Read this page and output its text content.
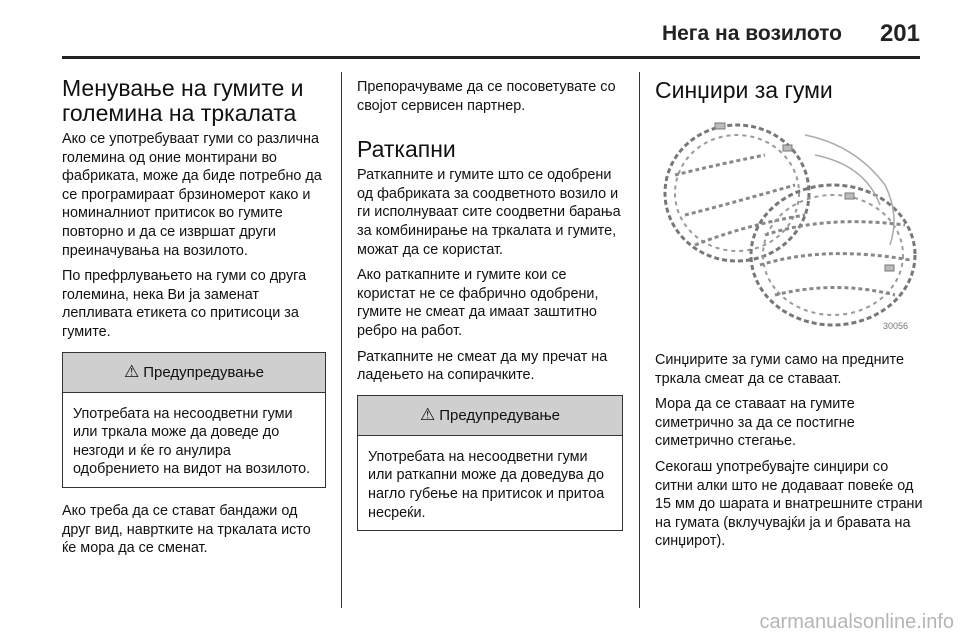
Нега на возилото 201
Менување на гумите и големина на тркалата

Ако се употребуваат гуми со различна големина од оние монтирани во фабриката, може да биде потребно да се програмираат брзиномерот како и номиналниот притисок во гумите повторно и да се извршат други преиначувања на возилото.

По префрлувањето на гуми со друга големина, нека Ви ја заменат лепливата етикета со притисоци за гумите.

⚠ Предупредување
Употребата на несоодветни гуми или тркала може да доведе до незгоди и ќе го анулира одобрението на видот на возилото.

Ако треба да се стават бандажи од друг вид, навртките на тркалата исто ќе мора да се сменат.

Препорачуваме да се посоветувате со својот сервисен партнер.

Раткапни

Раткапните и гумите што се одобрени од фабриката за соодветното возило и ги исполнуваат сите соодветни барања за комбинирање на тркалата и гумите, можат да се користат.

Ако раткапните и гумите кои се користат не се фабрично одобрени, гумите не смеат да имаат заштитно ребро на работ.

Раткапните не смеат да му пречат на ладењето на сопирачките.

⚠ Предупредување
Употребата на несоодветни гуми или раткапни може да доведува до нагло губење на притисок и притоа несреќи.
Синџири за гуми
30056

Синџирите за гуми само на предните тркала смеат да се ставаат.

Мора да се ставаат на гумите симетрично за да се постигне симетрично стегање.

Секогаш употребувајте синџири со ситни алки што не додаваат повеќе од 15 мм до шарата и внатрешните страни на гумата (вклучувајќи ја и бравата на синџирот).

carmanualsonline.info
